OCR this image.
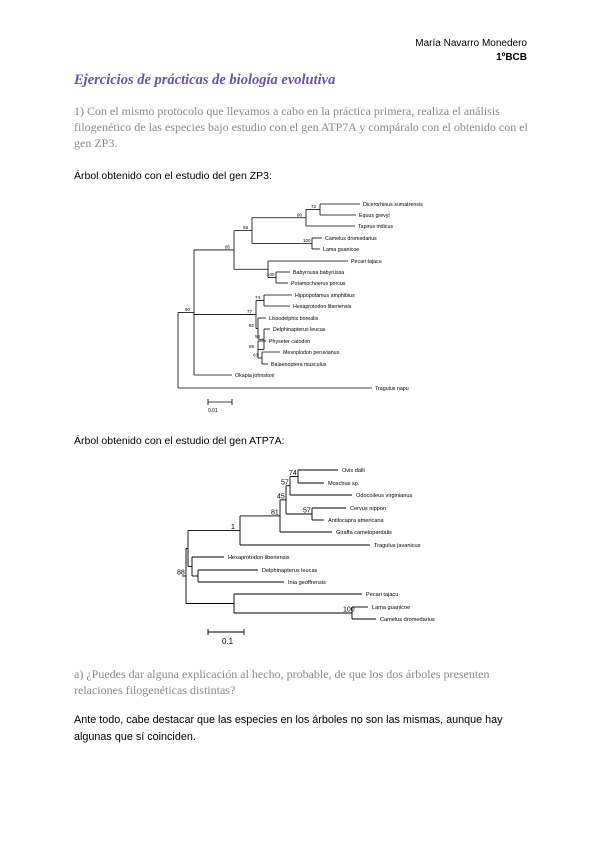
María Navarro Monedero
1ºBCB
Ejercicios de prácticas de biología evolutiva
1) Con el mismo protocolo que llevamos a cabo en la práctica primera, realiza el análisis filogenético de las especies bajo estudio con el gen ATP7A y compáralo con el obtenido con el gen ZP3.
Árbol obtenido con el estudio del gen ZP3:
Dicerorhinus sumatrensis
Equus grevyi
Tapirus indicus
Camelus dromedarius
Lama guanicoe
Pecari tajacu
Babyrousa babyrussa
Potamochoerus porcus
Hippopotamus amphibius
Hexaprotodon liberiensis
Lissodelphis borealis
Delphinapterus leucas
Physeter catodon
Mesoplodon peruvianus
Balaenoptera musculus
Okapia johnstoni
Tragulus napu
72
90
100
58
100
95
74
63
99
58
92
77
90
0.01
Árbol obtenido con el estudio del gen ATP7A:
Ovis dalli
Moschus sp.
Odocoileus virginianus
Cervus nippon
Antilocapra americana
Giraffa camelopardalis
Tragulus javanicus
Hexaprotodon liberiensis
Delphinapterus leucas
Inia geoffrensis
Pecari tajacu
Lama guanicoe
Camelus dromedarius
74
57
57
45
81
1
100
88
0.1
a) ¿Puedes dar alguna explicación al hecho, probable, de que los dos árboles presenten relaciones filogenéticas distintas?
Ante todo, cabe destacar que las especies en los árboles no son las mismas, aunque hay algunas que sí coinciden.
